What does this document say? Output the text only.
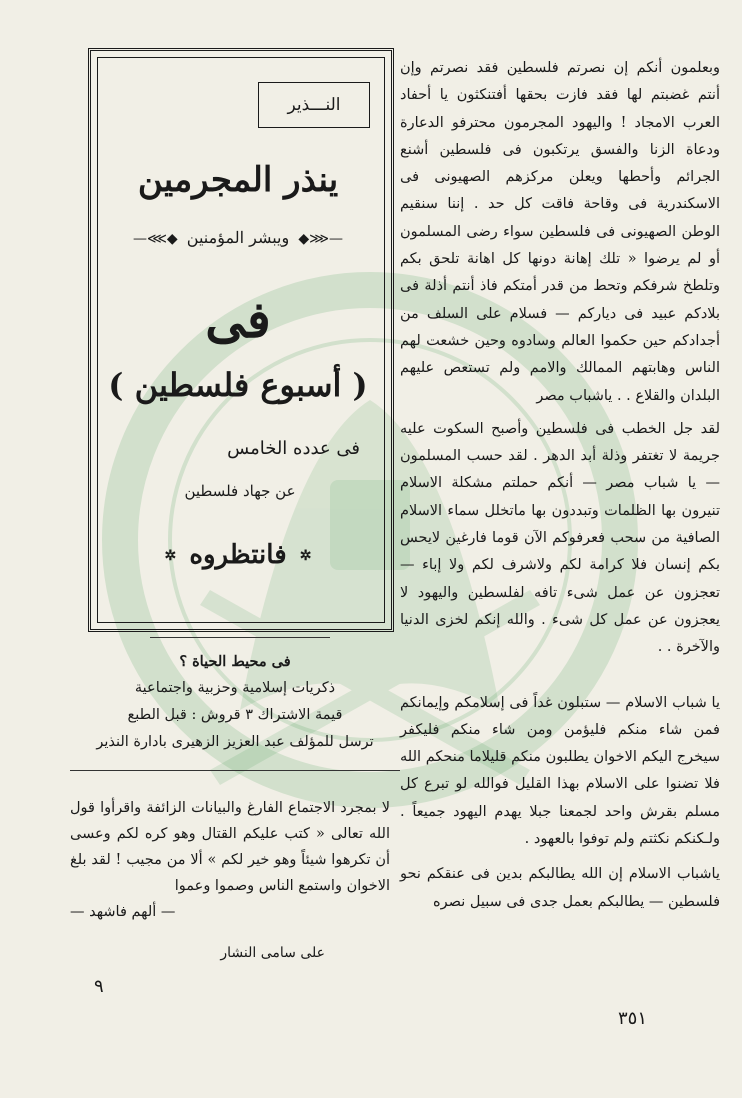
وبعلمون أنكم إن نصرتم فلسطين فقد نصرتم وإن أنتم غضبتم لها فقد فازت بحقها أفتنكثون يا أحفاد العرب الامجاد ! واليهود المجرمون محترفو الدعارة ودعاة الزنا والفسق يرتكبون فى فلسطين أشنع الجرائم وأحطها ويعلن مركزهم الصهيونى فى الاسكندرية فى وقاحة فاقت كل حد . إننا سنقيم الوطن الصهيونى فى فلسطين سواء رضى المسلمون أو لم يرضوا « تلك إهانة دونها كل اهانة تلحق بكم وتلطخ شرفكم وتحط من قدر أمتكم فاذ أنتم أذلة فى بلادكم عبيد فى دياركم — فسلام على السلف من أجدادكم حين حكموا العالم وسادوه وحين خشعت لهم الناس وهابتهم الممالك والامم ولم تستعص عليهم البلدان والقلاع . . ياشباب مصر

لقد جل الخطب فى فلسطين وأصبح السكوت عليه جريمة لا تغتفر وذلة أبد الدهر . لقد حسب المسلمون — يا شباب مصر — أنكم حملتم مشكلة الاسلام تنيرون بها الظلمات وتبددون بها ماتخلل سماء الاسلام الصافية من سحب فعرفوكم الآن قوما فارغين لايحس بكم إنسان فلا كرامة لكم ولاشرف لكم ولا إباء — تعجزون عن عمل شىء تافه لفلسطين واليهود لا يعجزون عن عمل كل شىء . والله إنكم لخزى الدنيا والآخرة . .

يا شباب الاسلام — ستبلون غداً فى إسلامكم وإيمانكم فمن شاء منكم فليؤمن ومن شاء منكم فليكفر سيخرج اليكم الاخوان يطلبون منكم قليلاما منحكم الله فلا تضنوا على الاسلام بهذا القليل فوالله لو تبرع كل مسلم بقرش واحد لجمعنا جبلا يهدم اليهود جميعاً . ولـكنكم نكثتم ولم توفوا بالعهود .

ياشباب الاسلام إن الله يطالبكم بدين فى عنقكم نحو فلسطين — يطالبكم بعمل جدى فى سبيل نصره

النـــذير
ينذر المجرمين
—⋘◆ ويبشر المؤمنين ◆⋙—
فى
( أسبوع فلسطين )
فى عدده الخامس
عن جهاد فلسطين
✲ فانتظروه ✲
فى محيط الحياة ؟
ذكريات إسلامية وحزبية واجتماعية
قيمة الاشتراك ٣ قروش : قبل الطبع
ترسل للمؤلف عبد العزيز الزهيرى بادارة النذير

لا بمجرد الاجتماع الفارغ والبيانات الزائفة واقرأوا قول الله تعالى « كتب عليكم القتال وهو كره لكم وعسى أن تكرهوا شيئاً وهو خير لكم » ألا من مجيب ! لقد بلغ الاخوان واستمع الناس وصموا وعموا

— ألهم فاشهد —

على سامى النشار
٩
٣٥١
